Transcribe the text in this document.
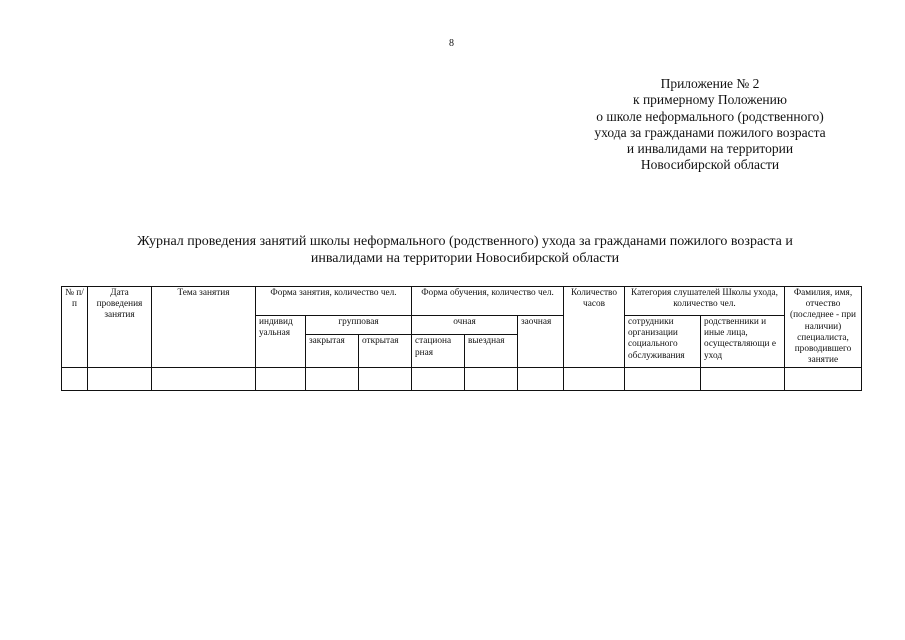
8
Приложение № 2
к примерному Положению
о школе неформального (родственного)
ухода за гражданами пожилого возраста
и инвалидами на территории
Новосибирской области
Журнал проведения занятий школы неформального (родственного) ухода за гражданами пожилого возраста и
инвалидами на территории Новосибирской области
№ п/п	Дата проведения занятия	Тема занятия	Форма занятия, количество чел.			Форма обучения, количество чел.			Количество часов	Категория слушателей Школы ухода, количество чел.		Фамилия, имя, отчество (последнее - при наличии) специалиста, проводившего занятие
			индивид уальная	групповая		очная		заочная		сотрудники организации социального обслуживания	родственники и иные лица, осуществляющи е уход	
				закрытая	открытая	стациона рная	выездная					
